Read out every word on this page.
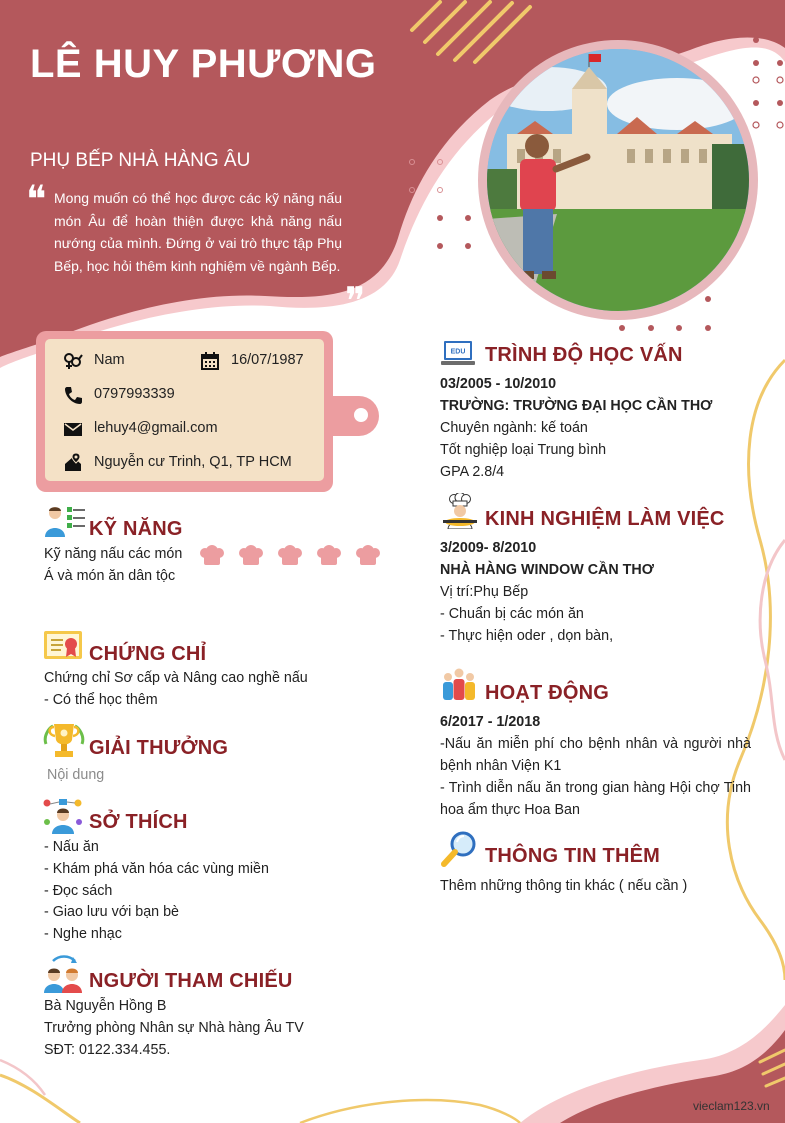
LÊ HUY PHƯƠNG
PHỤ BẾP NHÀ HÀNG ÂU
❝ Mong muốn có thể học được các kỹ năng nấu món Âu để hoàn thiện được khả năng nấu nướng của mình. Đứng ở vai trò thực tập Phụ Bếp, học hỏi thêm kinh nghiệm về ngành Bếp.
❞
Nam	16/07/1987
0797993339
lehuy4@gmail.com
Nguyễn cư Trinh, Q1, TP HCM
KỸ NĂNG
Kỹ năng nấu các món Á và món ăn dân tộc
CHỨNG CHỈ
Chứng chỉ Sơ cấp và Nâng cao nghề nấu
- Có thể học thêm
GIẢI THƯỞNG
Nội dung
SỞ THÍCH
- Nấu ăn
- Khám phá văn hóa các vùng miền
- Đọc sách
- Giao lưu với bạn bè
- Nghe nhạc
NGƯỜI THAM CHIẾU
Bà Nguyễn Hồng B
Trưởng phòng Nhân sự Nhà hàng Âu TV
SĐT: 0122.334.455.
EDU TRÌNH ĐỘ HỌC VẤN
03/2005 - 10/2010
TRƯỜNG: TRƯỜNG ĐẠI HỌC CẦN THƠ
Chuyên ngành: kế toán
Tốt nghiệp loại Trung bình
GPA 2.8/4
KINH NGHIỆM LÀM VIỆC
3/2009- 8/2010
NHÀ HÀNG WINDOW CẦN THƠ
Vị trí:Phụ Bếp
- Chuẩn bị các món ăn
- Thực hiện oder , dọn bàn,
HOẠT ĐỘNG
6/2017 - 1/2018
-Nấu ăn miễn phí cho bệnh nhân và người nhà bệnh nhân Viện K1
- Trình diễn nấu ăn trong gian hàng Hội chợ Tinh hoa ẩm thực Hoa Ban
THÔNG TIN THÊM
Thêm những thông tin khác ( nếu cần )
vieclam123.vn
